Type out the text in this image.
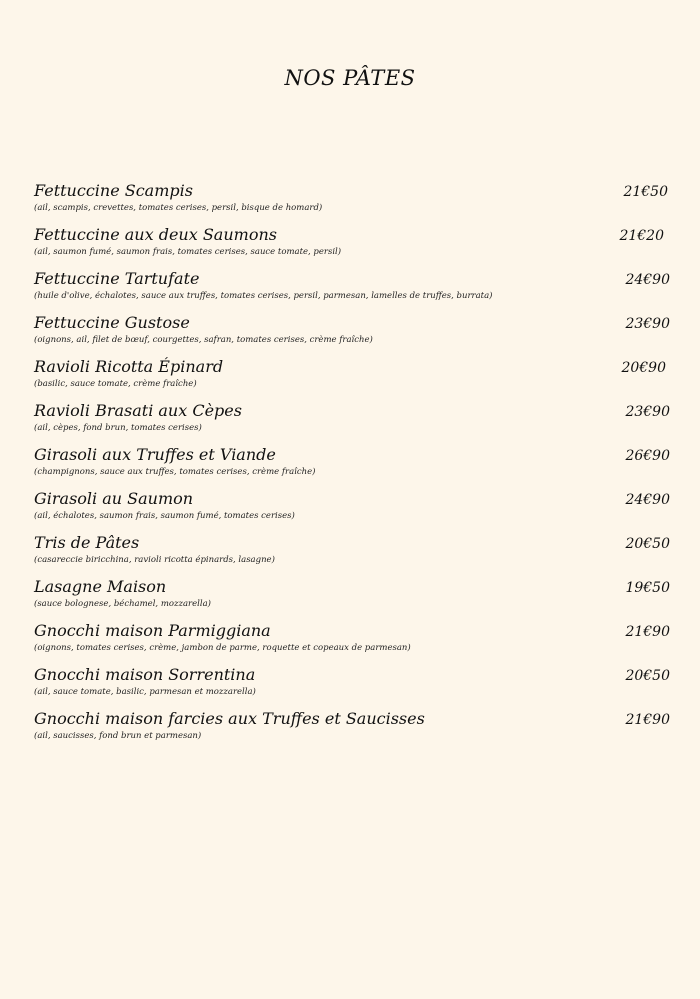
NOS PÂTES
Fettuccine Scampis
(ail, scampis, crevettes, tomates cerises, persil, bisque de homard)
21€50
Fettuccine aux deux Saumons
(ail, saumon fumé, saumon frais, tomates cerises, sauce tomate, persil)
21€20
Fettuccine Tartufate
(huile d'olive, échalotes, sauce aux truffes, tomates cerises, persil, parmesan, lamelles de truffes, burrata)
24€90
Fettuccine Gustose
(oignons, ail, filet de bœuf, courgettes, safran, tomates cerises, crème fraîche)
23€90
Ravioli Ricotta Épinard
(basilic, sauce tomate, crème fraîche)
20€90
Ravioli Brasati aux Cèpes
(ail, cèpes, fond brun, tomates cerises)
23€90
Girasoli aux Truffes et Viande
(champignons, sauce aux truffes, tomates cerises, crème fraîche)
26€90
Girasoli au Saumon
(ail, échalotes, saumon frais, saumon fumé, tomates cerises)
24€90
Tris de Pâtes
(casareccie biricchina, ravioli ricotta épinards, lasagne)
20€50
Lasagne Maison
(sauce bolognese, béchamel, mozzarella)
19€50
Gnocchi maison Parmiggiana
(oignons, tomates cerises, crème, jambon de parme, roquette et copeaux de parmesan)
21€90
Gnocchi maison Sorrentina
(ail, sauce tomate, basilic, parmesan et mozzarella)
20€50
Gnocchi maison farcies aux Truffes et Saucisses
(ail, saucisses, fond brun et parmesan)
21€90
